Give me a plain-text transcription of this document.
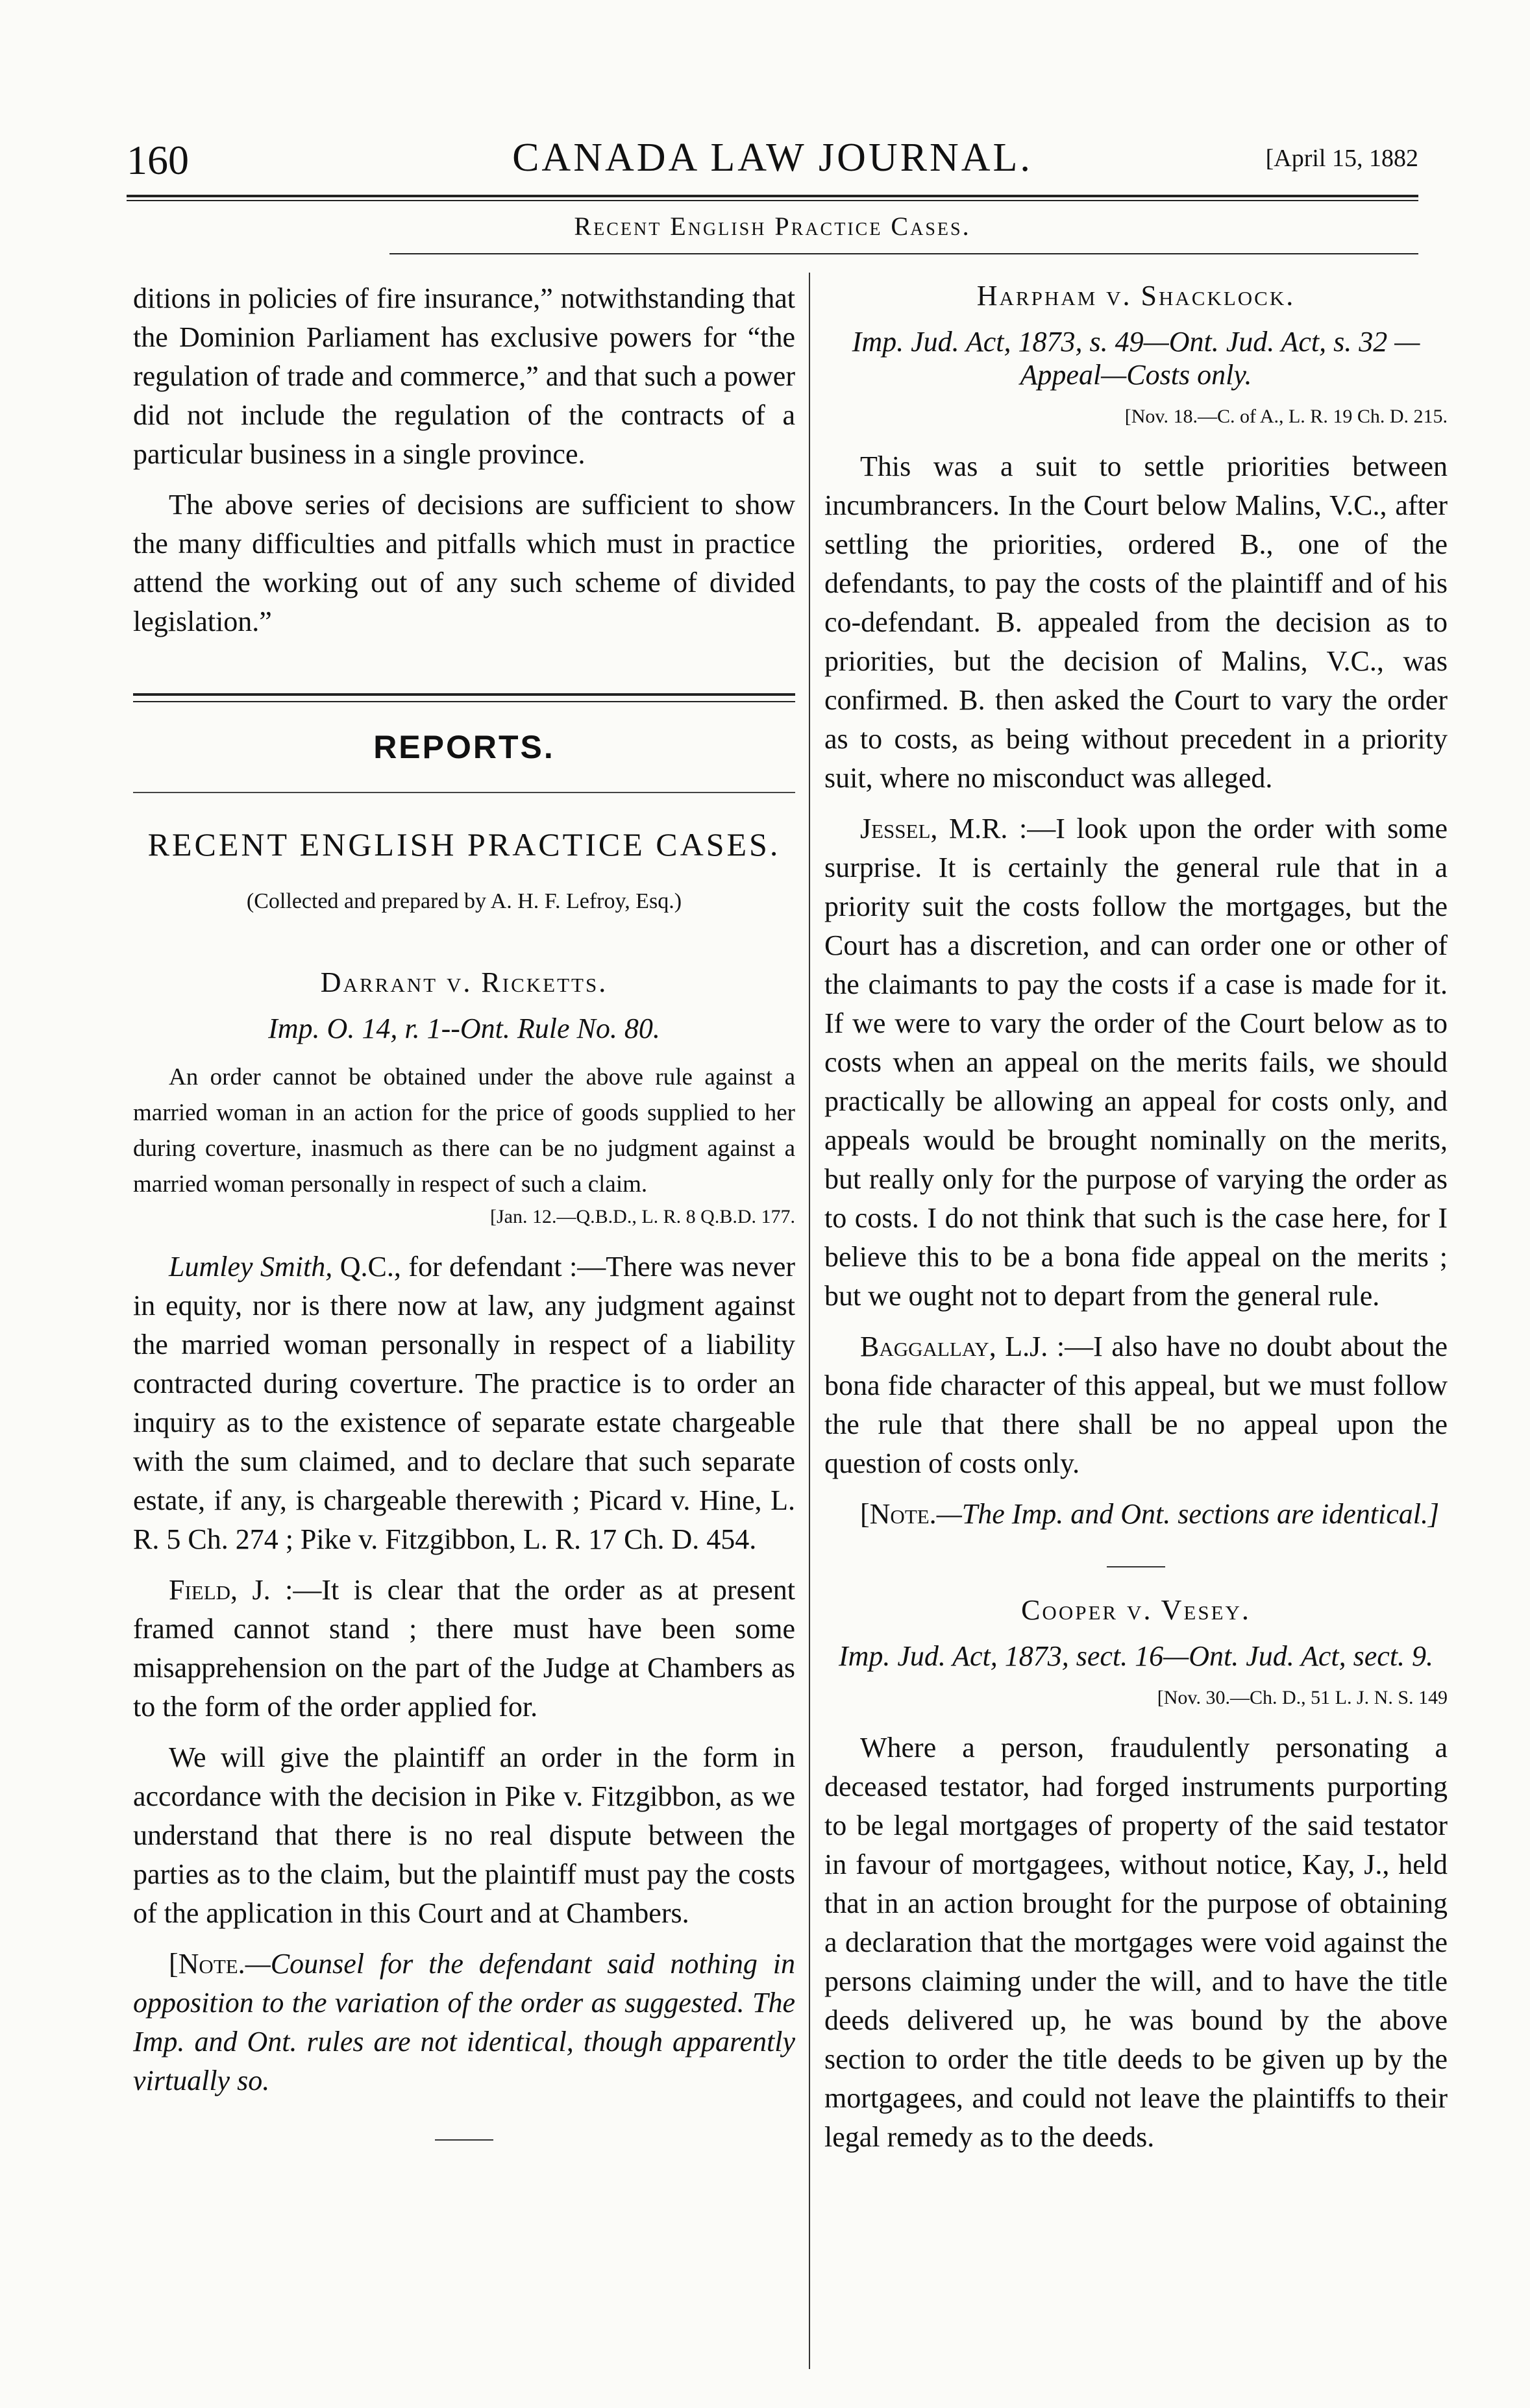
160	CANADA LAW JOURNAL.	[April 15, 1882
Recent English Practice Cases.

ditions in policies of fire insurance,” notwithstanding that the Dominion Parliament has exclusive powers for “the regulation of trade and commerce,” and that such a power did not include the regulation of the contracts of a particular business in a single province.

The above series of decisions are sufficient to show the many difficulties and pitfalls which must in practice attend the working out of any such scheme of divided legislation.”

REPORTS.
RECENT ENGLISH PRACTICE CASES.
(Collected and prepared by A. H. F. Lefroy, Esq.)
Darrant v. Ricketts.
Imp. O. 14, r. 1--Ont. Rule No. 80.

An order cannot be obtained under the above rule against a married woman in an action for the price of goods supplied to her during coverture, inasmuch as there can be no judgment against a married woman personally in respect of such a claim.

[Jan. 12.—Q.B.D., L. R. 8 Q.B.D. 177.

Lumley Smith, Q.C., for defendant :—There was never in equity, nor is there now at law, any judgment against the married woman personally in respect of a liability contracted during coverture. The practice is to order an inquiry as to the existence of separate estate chargeable with the sum claimed, and to declare that such separate estate, if any, is chargeable therewith ; Picard v. Hine, L. R. 5 Ch. 274 ; Pike v. Fitzgibbon, L. R. 17 Ch. D. 454.

Field, J. :—It is clear that the order as at present framed cannot stand ; there must have been some misapprehension on the part of the Judge at Chambers as to the form of the order applied for.

We will give the plaintiff an order in the form in accordance with the decision in Pike v. Fitzgibbon, as we understand that there is no real dispute between the parties as to the claim, but the plaintiff must pay the costs of the application in this Court and at Chambers.

[Note.—Counsel for the defendant said nothing in opposition to the variation of the order as suggested. The Imp. and Ont. rules are not identical, though apparently virtually so.

Harpham v. Shacklock.
Imp. Jud. Act, 1873, s. 49—Ont. Jud. Act, s. 32 —Appeal—Costs only.
[Nov. 18.—C. of A., L. R. 19 Ch. D. 215.

This was a suit to settle priorities between incumbrancers. In the Court below Malins, V.C., after settling the priorities, ordered B., one of the defendants, to pay the costs of the plaintiff and of his co-defendant. B. appealed from the decision as to priorities, but the decision of Malins, V.C., was confirmed. B. then asked the Court to vary the order as to costs, as being without precedent in a priority suit, where no misconduct was alleged.

Jessel, M.R. :—I look upon the order with some surprise. It is certainly the general rule that in a priority suit the costs follow the mortgages, but the Court has a discretion, and can order one or other of the claimants to pay the costs if a case is made for it. If we were to vary the order of the Court below as to costs when an appeal on the merits fails, we should practically be allowing an appeal for costs only, and appeals would be brought nominally on the merits, but really only for the purpose of varying the order as to costs. I do not think that such is the case here, for I believe this to be a bona fide appeal on the merits ; but we ought not to depart from the general rule.

Baggallay, L.J. :—I also have no doubt about the bona fide character of this appeal, but we must follow the rule that there shall be no appeal upon the question of costs only.

[Note.—The Imp. and Ont. sections are identical.]

Cooper v. Vesey.
Imp. Jud. Act, 1873, sect. 16—Ont. Jud. Act, sect. 9.
[Nov. 30.—Ch. D., 51 L. J. N. S. 149

Where a person, fraudulently personating a deceased testator, had forged instruments purporting to be legal mortgages of property of the said testator in favour of mortgagees, without notice, Kay, J., held that in an action brought for the purpose of obtaining a declaration that the mortgages were void against the persons claiming under the will, and to have the title deeds delivered up, he was bound by the above section to order the title deeds to be given up by the mortgagees, and could not leave the plaintiffs to their legal remedy as to the deeds.
